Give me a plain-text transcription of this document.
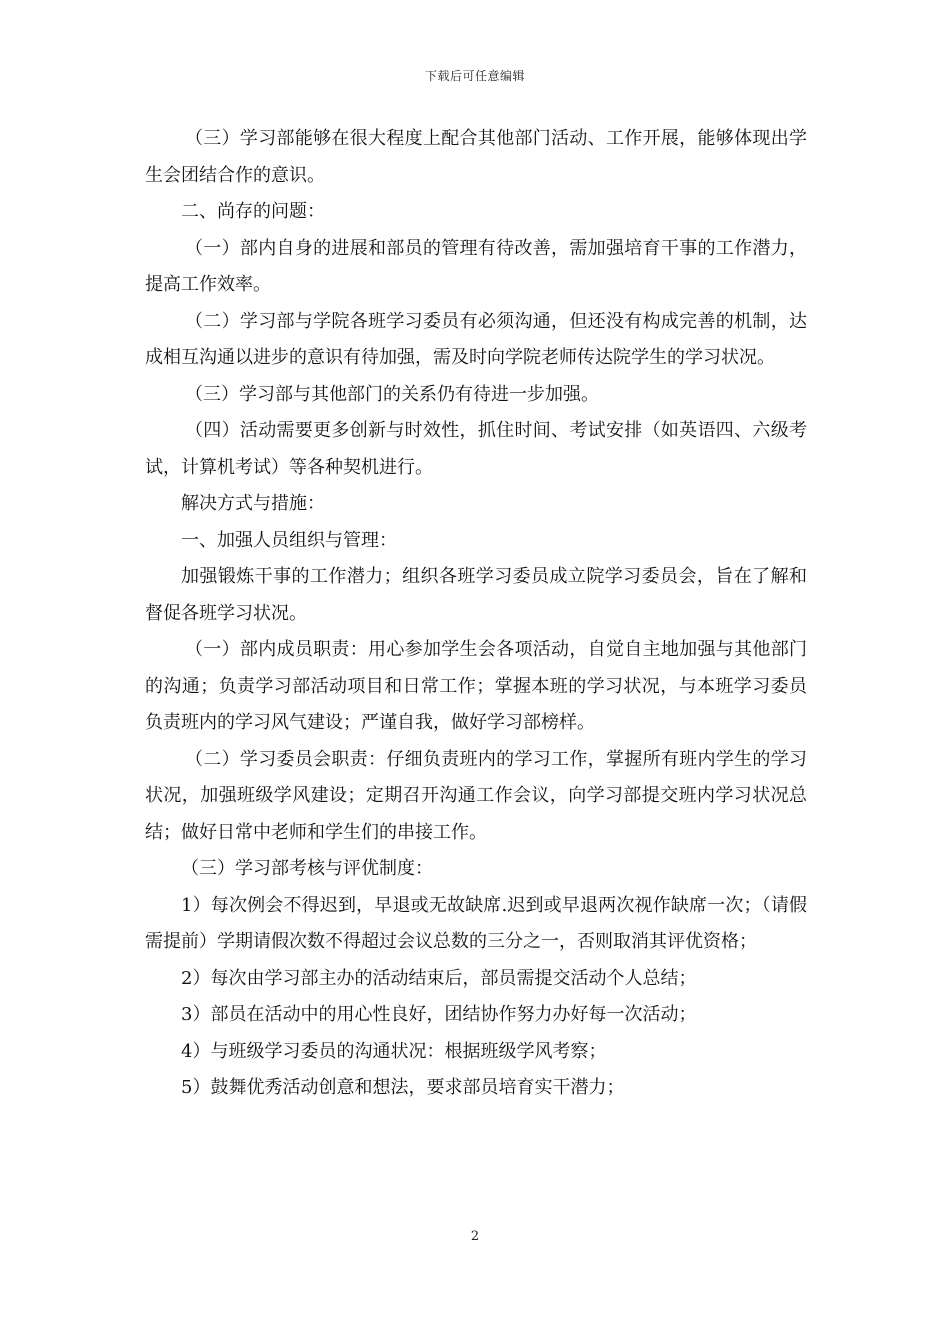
下载后可任意编辑

（三）学习部能够在很大程度上配合其他部门活动、工作开展，能够体现出学生会团结合作的意识。

二、尚存的问题：

（一）部内自身的进展和部员的管理有待改善，需加强培育干事的工作潜力，提高工作效率。

（二）学习部与学院各班学习委员有必须沟通，但还没有构成完善的机制，达成相互沟通以进步的意识有待加强，需及时向学院老师传达院学生的学习状况。

（三）学习部与其他部门的关系仍有待进一步加强。

（四）活动需要更多创新与时效性，抓住时间、考试安排（如英语四、六级考试，计算机考试）等各种契机进行。

解决方式与措施：

一、加强人员组织与管理：

加强锻炼干事的工作潜力；组织各班学习委员成立院学习委员会，旨在了解和督促各班学习状况。

（一）部内成员职责：用心参加学生会各项活动，自觉自主地加强与其他部门的沟通；负责学习部活动项目和日常工作；掌握本班的学习状况，与本班学习委员负责班内的学习风气建设；严谨自我，做好学习部榜样。

（二）学习委员会职责：仔细负责班内的学习工作，掌握所有班内学生的学习状况，加强班级学风建设；定期召开沟通工作会议，向学习部提交班内学习状况总结；做好日常中老师和学生们的串接工作。

（三）学习部考核与评优制度：

1）每次例会不得迟到，早退或无故缺席.迟到或早退两次视作缺席一次；（请假需提前）学期请假次数不得超过会议总数的三分之一，否则取消其评优资格；

2）每次由学习部主办的活动结束后，部员需提交活动个人总结；

3）部员在活动中的用心性良好，团结协作努力办好每一次活动；

4）与班级学习委员的沟通状况：根据班级学风考察；

5）鼓舞优秀活动创意和想法，要求部员培育实干潜力；

2
